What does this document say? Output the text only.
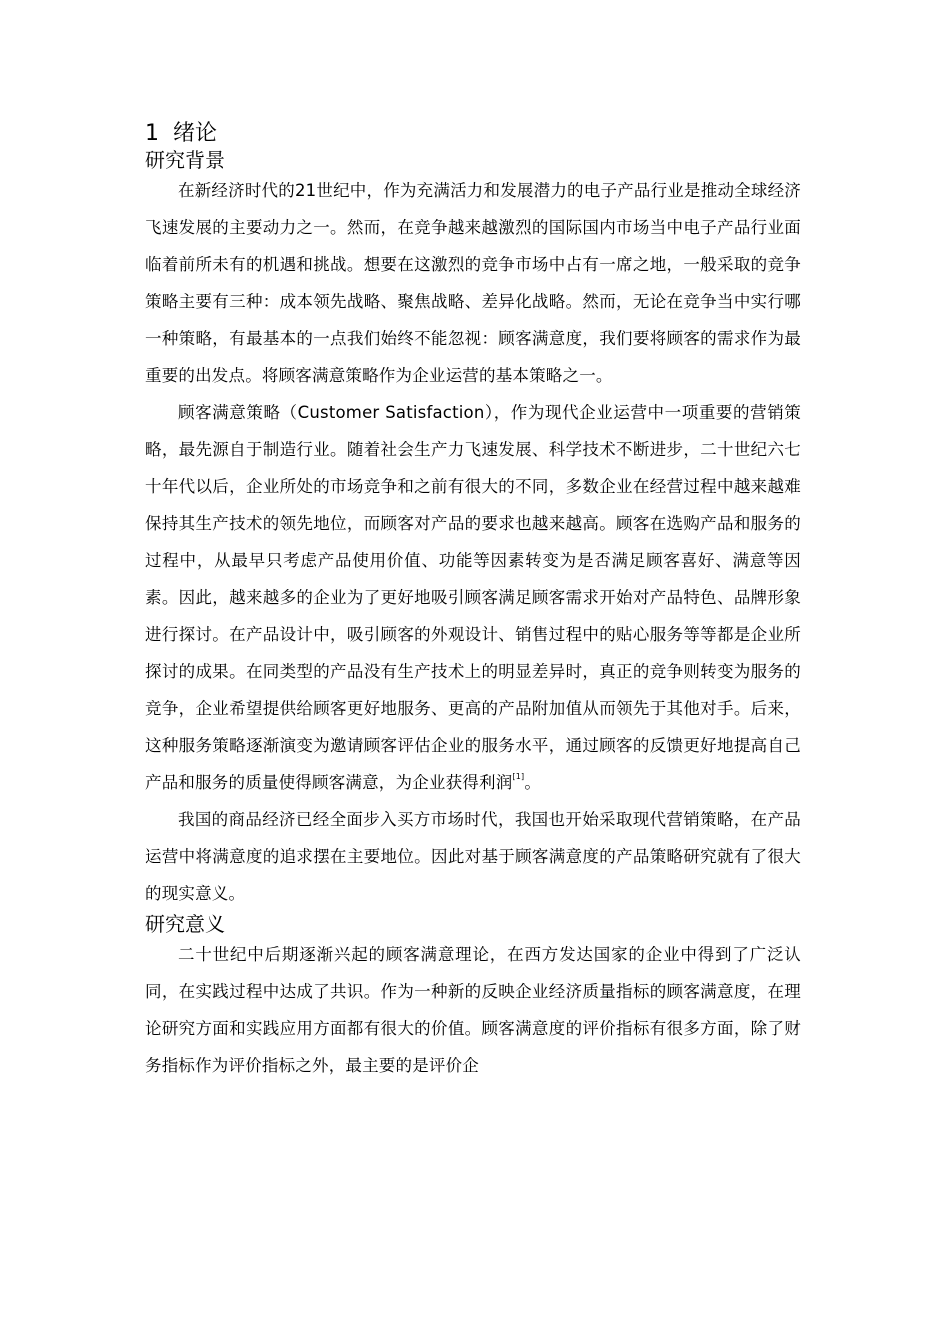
1  绪论
研究背景

在新经济时代的21世纪中，作为充满活力和发展潜力的电子产品行业是推动全球经济飞速发展的主要动力之一。然而，在竞争越来越激烈的国际国内市场当中电子产品行业面临着前所未有的机遇和挑战。想要在这激烈的竞争市场中占有一席之地，一般采取的竞争策略主要有三种：成本领先战略、聚焦战略、差异化战略。然而，无论在竞争当中实行哪一种策略，有最基本的一点我们始终不能忽视：顾客满意度，我们要将顾客的需求作为最重要的出发点。将顾客满意策略作为企业运营的基本策略之一。

顾客满意策略（Customer Satisfaction），作为现代企业运营中一项重要的营销策略，最先源自于制造行业。随着社会生产力飞速发展、科学技术不断进步，二十世纪六七十年代以后，企业所处的市场竞争和之前有很大的不同，多数企业在经营过程中越来越难保持其生产技术的领先地位，而顾客对产品的要求也越来越高。顾客在选购产品和服务的过程中，从最早只考虑产品使用价值、功能等因素转变为是否满足顾客喜好、满意等因素。因此，越来越多的企业为了更好地吸引顾客满足顾客需求开始对产品特色、品牌形象进行探讨。在产品设计中，吸引顾客的外观设计、销售过程中的贴心服务等等都是企业所探讨的成果。在同类型的产品没有生产技术上的明显差异时，真正的竞争则转变为服务的竞争，企业希望提供给顾客更好地服务、更高的产品附加值从而领先于其他对手。后来，这种服务策略逐渐演变为邀请顾客评估企业的服务水平，通过顾客的反馈更好地提高自己产品和服务的质量使得顾客满意，为企业获得利润[1]。

我国的商品经济已经全面步入买方市场时代，我国也开始采取现代营销策略，在产品运营中将满意度的追求摆在主要地位。因此对基于顾客满意度的产品策略研究就有了很大的现实意义。

研究意义

二十世纪中后期逐渐兴起的顾客满意理论，在西方发达国家的企业中得到了广泛认同，在实践过程中达成了共识。作为一种新的反映企业经济质量指标的顾客满意度，在理论研究方面和实践应用方面都有很大的价值。顾客满意度的评价指标有很多方面，除了财务指标作为评价指标之外，最主要的是评价企
